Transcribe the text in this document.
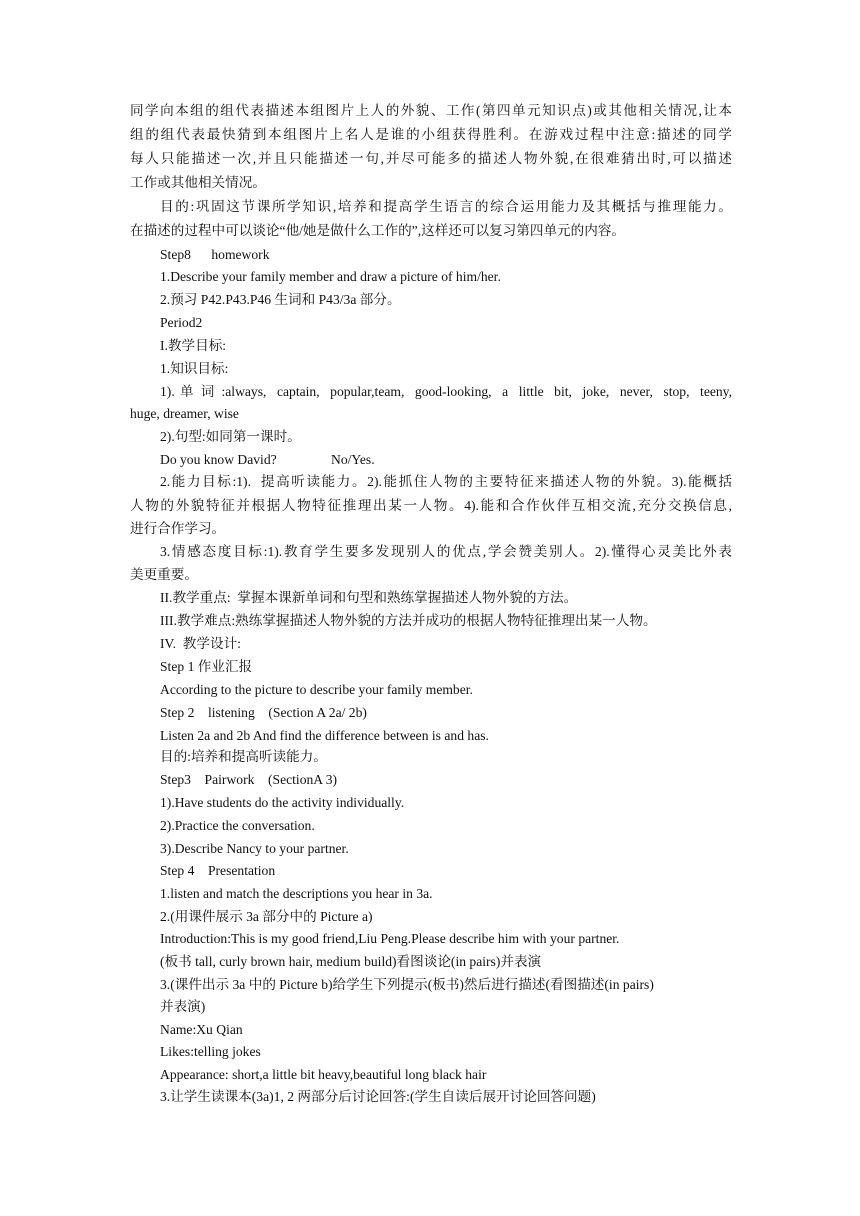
同学向本组的组代表描述本组图片上人的外貌、工作(第四单元知识点)或其他相关情况,让本
组的组代表最快猜到本组图片上名人是谁的小组获得胜利。在游戏过程中注意:描述的同学
每人只能描述一次,并且只能描述一句,并尽可能多的描述人物外貌,在很难猜出时,可以描述
工作或其他相关情况。
目的:巩固这节课所学知识,培养和提高学生语言的综合运用能力及其概括与推理能力。
在描述的过程中可以谈论“他/她是做什么工作的”,这样还可以复习第四单元的内容。
Step8      homework
1.Describe your family member and draw a picture of him/her.
2.预习 P42.P43.P46 生词和 P43/3a 部分。
Period2
I.教学目标:
1.知识目标:
1). 单 词 :always,  captain,  popular,team,  good-looking,  a  little  bit,  joke,  never,  stop,  teeny,
huge, dreamer, wise
2).句型:如同第一课时。
Do you know David?                No/Yes.
2.能力目标:1).  提高听读能力。2).能抓住人物的主要特征来描述人物的外貌。3).能概括
人物的外貌特征并根据人物特征推理出某一人物。4).能和合作伙伴互相交流,充分交换信息,
进行合作学习。
3.情感态度目标:1).教育学生要多发现别人的优点,学会赞美别人。2).懂得心灵美比外表
美更重要。
II.教学重点:  掌握本课新单词和句型和熟练掌握描述人物外貌的方法。
III.教学难点:熟练掌握描述人物外貌的方法并成功的根据人物特征推理出某一人物。
IV.  教学设计:
Step 1 作业汇报
According to the picture to describe your family member.
Step 2    listening    (Section A 2a/ 2b)
Listen 2a and 2b And find the difference between is and has.
目的:培养和提高听读能力。
Step3    Pairwork    (SectionA 3)
1).Have students do the activity individually.
2).Practice the conversation.
3).Describe Nancy to your partner.
Step 4    Presentation
1.listen and match the descriptions you hear in 3a.
2.(用课件展示 3a 部分中的 Picture a)
Introduction:This is my good friend,Liu Peng.Please describe him with your partner.
(板书 tall, curly brown hair, medium build)看图谈论(in pairs)并表演
3.(课件出示 3a 中的 Picture b)给学生下列提示(板书)然后进行描述(看图描述(in pairs)
并表演)
Name:Xu Qian
Likes:telling jokes
Appearance: short,a little bit heavy,beautiful long black hair
3.让学生读课本(3a)1, 2 两部分后讨论回答:(学生自读后展开讨论回答问题)
